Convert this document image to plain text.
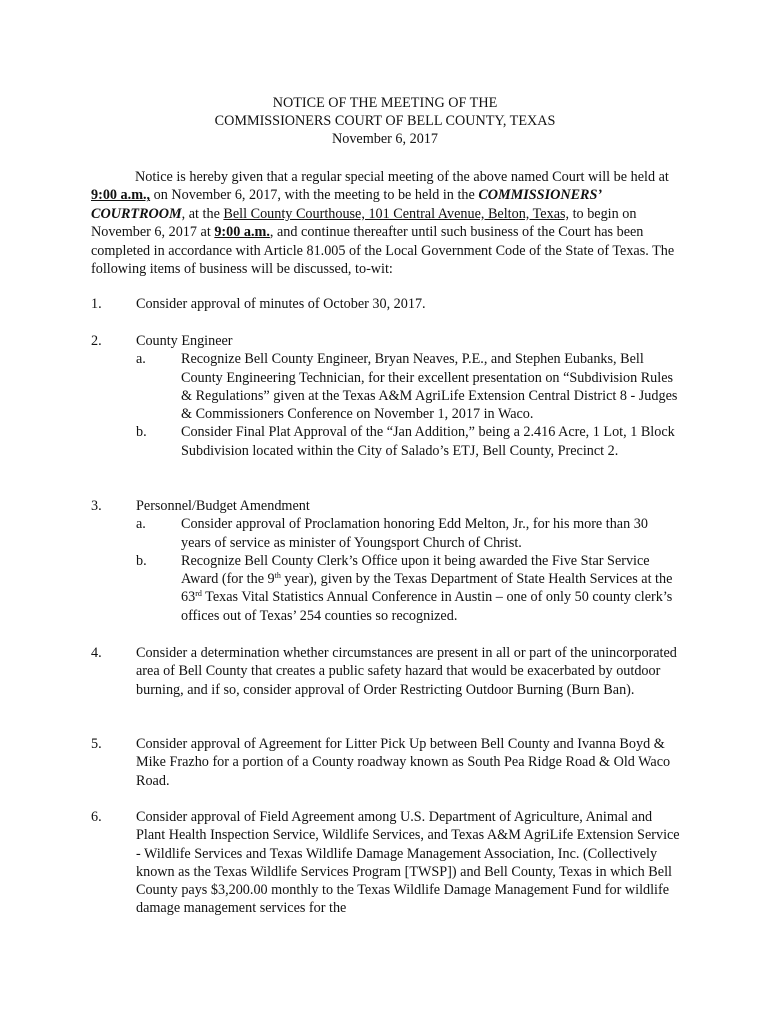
NOTICE OF THE MEETING OF THE
COMMISSIONERS COURT OF BELL COUNTY, TEXAS
November 6, 2017

Notice is hereby given that a regular special meeting of the above named Court will be held at 9:00 a.m., on November 6, 2017, with the meeting to be held in the COMMISSIONERS’ COURTROOM, at the Bell County Courthouse, 101 Central Avenue, Belton, Texas, to begin on November 6, 2017 at 9:00 a.m., and continue thereafter until such business of the Court has been completed in accordance with Article 81.005 of the Local Government Code of the State of Texas. The following items of business will be discussed, to-wit:

1. Consider approval of minutes of October 30, 2017.
2. County Engineer
a. Recognize Bell County Engineer, Bryan Neaves, P.E., and Stephen Eubanks, Bell County Engineering Technician, for their excellent presentation on “Subdivision Rules & Regulations” given at the Texas A&M AgriLife Extension Central District 8 - Judges & Commissioners Conference on November 1, 2017 in Waco.
b. Consider Final Plat Approval of the “Jan Addition,” being a 2.416 Acre, 1 Lot, 1 Block Subdivision located within the City of Salado’s ETJ, Bell County, Precinct 2.
3. Personnel/Budget Amendment
a. Consider approval of Proclamation honoring Edd Melton, Jr., for his more than 30 years of service as minister of Youngsport Church of Christ.
b. Recognize Bell County Clerk’s Office upon it being awarded the Five Star Service Award (for the 9th year), given by the Texas Department of State Health Services at the 63rd Texas Vital Statistics Annual Conference in Austin – one of only 50 county clerk’s offices out of Texas’ 254 counties so recognized.
4. Consider a determination whether circumstances are present in all or part of the unincorporated area of Bell County that creates a public safety hazard that would be exacerbated by outdoor burning, and if so, consider approval of Order Restricting Outdoor Burning (Burn Ban).
5. Consider approval of Agreement for Litter Pick Up between Bell County and Ivanna Boyd & Mike Frazho for a portion of a County roadway known as South Pea Ridge Road & Old Waco Road.
6. Consider approval of Field Agreement among U.S. Department of Agriculture, Animal and Plant Health Inspection Service, Wildlife Services, and Texas A&M AgriLife Extension Service - Wildlife Services and Texas Wildlife Damage Management Association, Inc. (Collectively known as the Texas Wildlife Services Program [TWSP]) and Bell County, Texas in which Bell County pays $3,200.00 monthly to the Texas Wildlife Damage Management Fund for wildlife damage management services for the
